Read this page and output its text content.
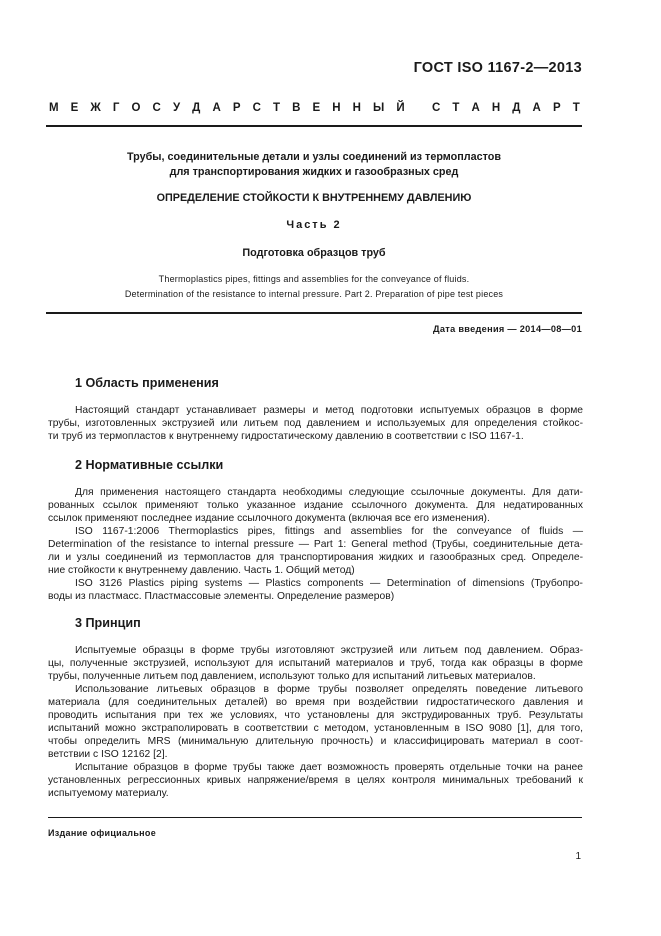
ГОСТ ISO 1167-2—2013
М Е Ж Г О С У Д А Р С Т В Е Н Н Ы Й
С Т А Н Д А Р Т
Трубы, соединительные детали и узлы соединений из термопластов
для транспортирования жидких и газообразных сред
ОПРЕДЕЛЕНИЕ СТОЙКОСТИ К ВНУТРЕННЕМУ ДАВЛЕНИЮ
Часть 2
Подготовка образцов труб
Thermoplastics pipes, fittings and assemblies for the conveyance of fluids.
Determination of the resistance to internal pressure. Part 2. Preparation of pipe test pieces
Дата введения — 2014—08—01
1 Область применения
Настоящий стандарт устанавливает размеры и метод подготовки испытуемых образцов в форме
трубы, изготовленных экструзией или литьем под давлением и используемых для определения стойкос-
ти труб из термопластов к внутреннему гидростатическому давлению в соответствии с ISO 1167-1.
2 Нормативные ссылки
Для применения настоящего стандарта необходимы следующие ссылочные документы. Для дати-
рованных ссылок применяют только указанное издание ссылочного документа. Для недатированных
ссылок применяют последнее издание ссылочного документа (включая все его изменения).
ISO 1167-1:2006 Thermoplastics pipes, fittings and assemblies for the conveyance of fluids —
Determination of the resistance to internal pressure — Part 1: General method (Трубы, соединительные дета-
ли и узлы соединений из термопластов для транспортирования жидких и газообразных сред. Определе-
ние стойкости к внутреннему давлению. Часть 1. Общий метод)
ISO 3126 Plastics piping systems — Plastics components — Determination of dimensions (Трубопро-
воды из пластмасс. Пластмассовые элементы. Определение размеров)
3 Принцип
Испытуемые образцы в форме трубы изготовляют экструзией или литьем под давлением. Образ-
цы, полученные экструзией, используют для испытаний материалов и труб, тогда как образцы в форме
трубы, полученные литьем под давлением, используют только для испытаний литьевых материалов.
Использование литьевых образцов в форме трубы позволяет определять поведение литьевого
материала (для соединительных деталей) во время при воздействии гидростатического давления и
проводить испытания при тех же условиях, что установлены для экструдированных труб. Результаты
испытаний можно экстраполировать в соответствии с методом, установленным в ISO 9080 [1], для того,
чтобы определить MRS (минимальную длительную прочность) и классифицировать материал в соот-
ветствии с ISO 12162 [2].
Испытание образцов в форме трубы также дает возможность проверять отдельные точки на ранее
установленных регрессионных кривых напряжение/время в целях контроля минимальных требований к
испытуемому материалу.
Издание официальное
1
